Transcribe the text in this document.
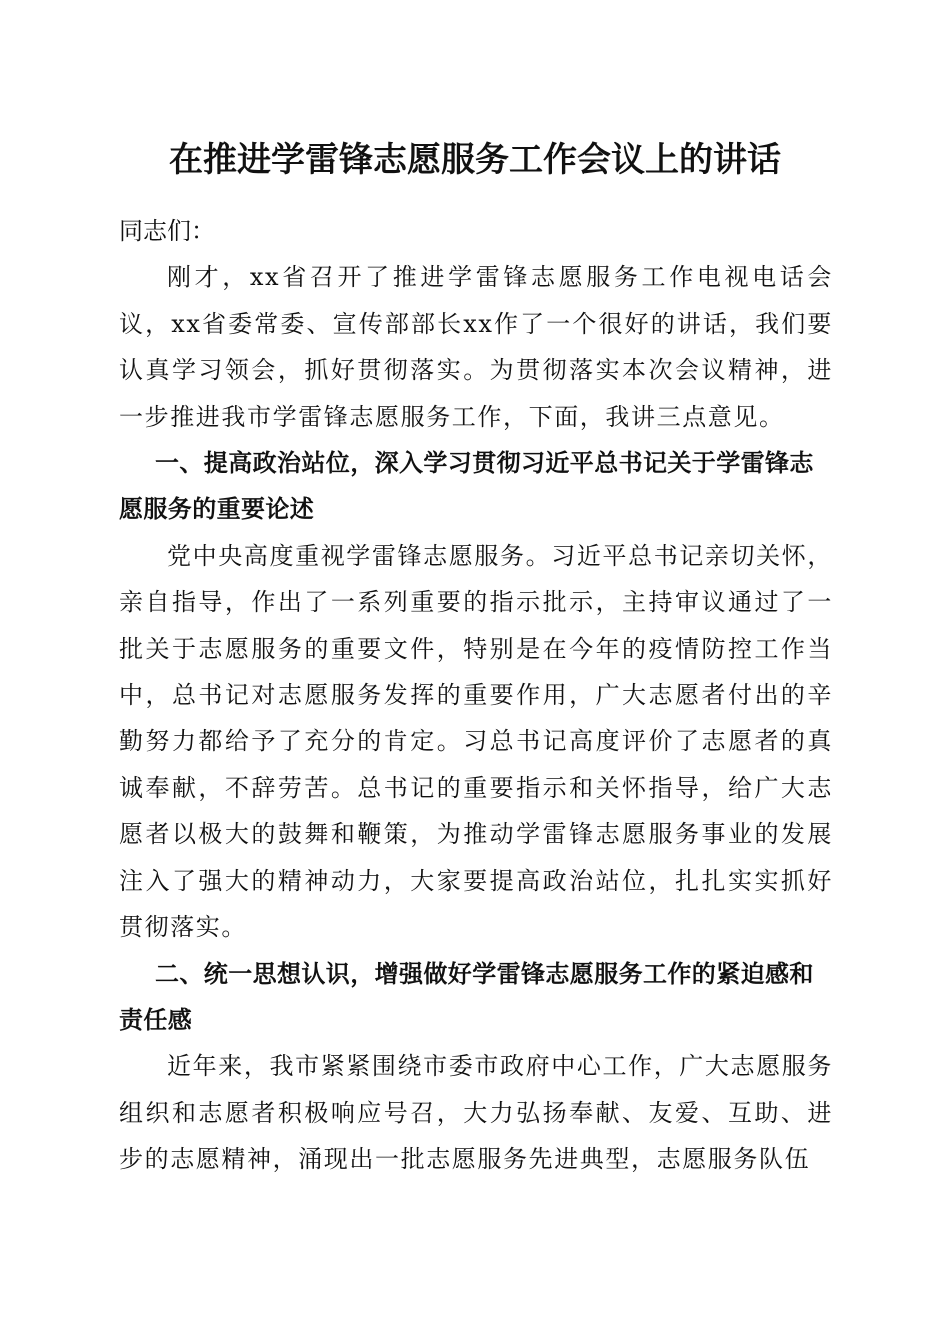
在推进学雷锋志愿服务工作会议上的讲话

同志们：

刚才，xx省召开了推进学雷锋志愿服务工作电视电话会议，xx省委常委、宣传部部长xx作了一个很好的讲话，我们要认真学习领会，抓好贯彻落实。为贯彻落实本次会议精神，进一步推进我市学雷锋志愿服务工作，下面，我讲三点意见。

一、提高政治站位，深入学习贯彻习近平总书记关于学雷锋志愿服务的重要论述

党中央高度重视学雷锋志愿服务。习近平总书记亲切关怀，亲自指导，作出了一系列重要的指示批示，主持审议通过了一批关于志愿服务的重要文件，特别是在今年的疫情防控工作当中，总书记对志愿服务发挥的重要作用，广大志愿者付出的辛勤努力都给予了充分的肯定。习总书记高度评价了志愿者的真诚奉献，不辞劳苦。总书记的重要指示和关怀指导，给广大志愿者以极大的鼓舞和鞭策，为推动学雷锋志愿服务事业的发展注入了强大的精神动力，大家要提高政治站位，扎扎实实抓好贯彻落实。

二、统一思想认识，增强做好学雷锋志愿服务工作的紧迫感和责任感

近年来，我市紧紧围绕市委市政府中心工作，广大志愿服务组织和志愿者积极响应号召，大力弘扬奉献、友爱、互助、进步的志愿精神，涌现出一批志愿服务先进典型，志愿服务队伍
